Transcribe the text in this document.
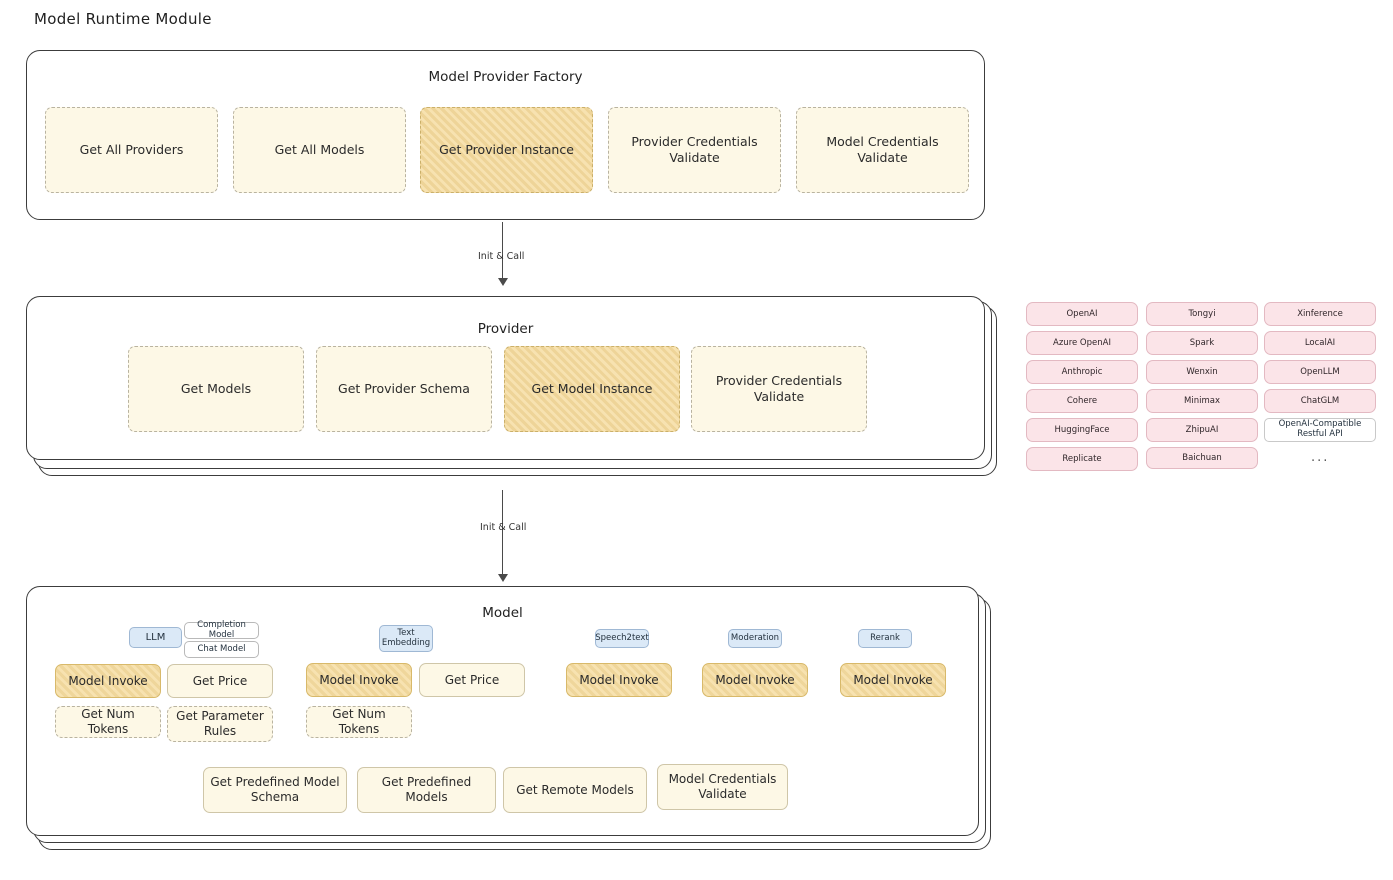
Model Runtime Module
Model Provider Factory
Get All Providers	Get All Models	Get Provider Instance
Provider Credentials Validate
Model Credentials Validate
Init & Call
Provider
Get Models	Get Provider Schema	Get Model Instance
Provider Credentials Validate
OpenAI
Azure OpenAI
Anthropic
Cohere
HuggingFace
Replicate
Tongyi
Spark
Wenxin
Minimax
ZhipuAI
Baichuan
Xinference
LocalAI
OpenLLM
ChatGLM
OpenAI-Compatible Restful API
...
Init & Call
Model
LLM
Completion Model
Chat Model
Text Embedding	Speech2text	Moderation	Rerank
Model Invoke	Get Price
Get Num Tokens
Get Parameter Rules
Model Invoke	Get Price
Get Num Tokens
Model Invoke	Model Invoke	Model Invoke
Get Predefined Model Schema
Get Predefined Models
Get Remote Models
Model Credentials Validate
